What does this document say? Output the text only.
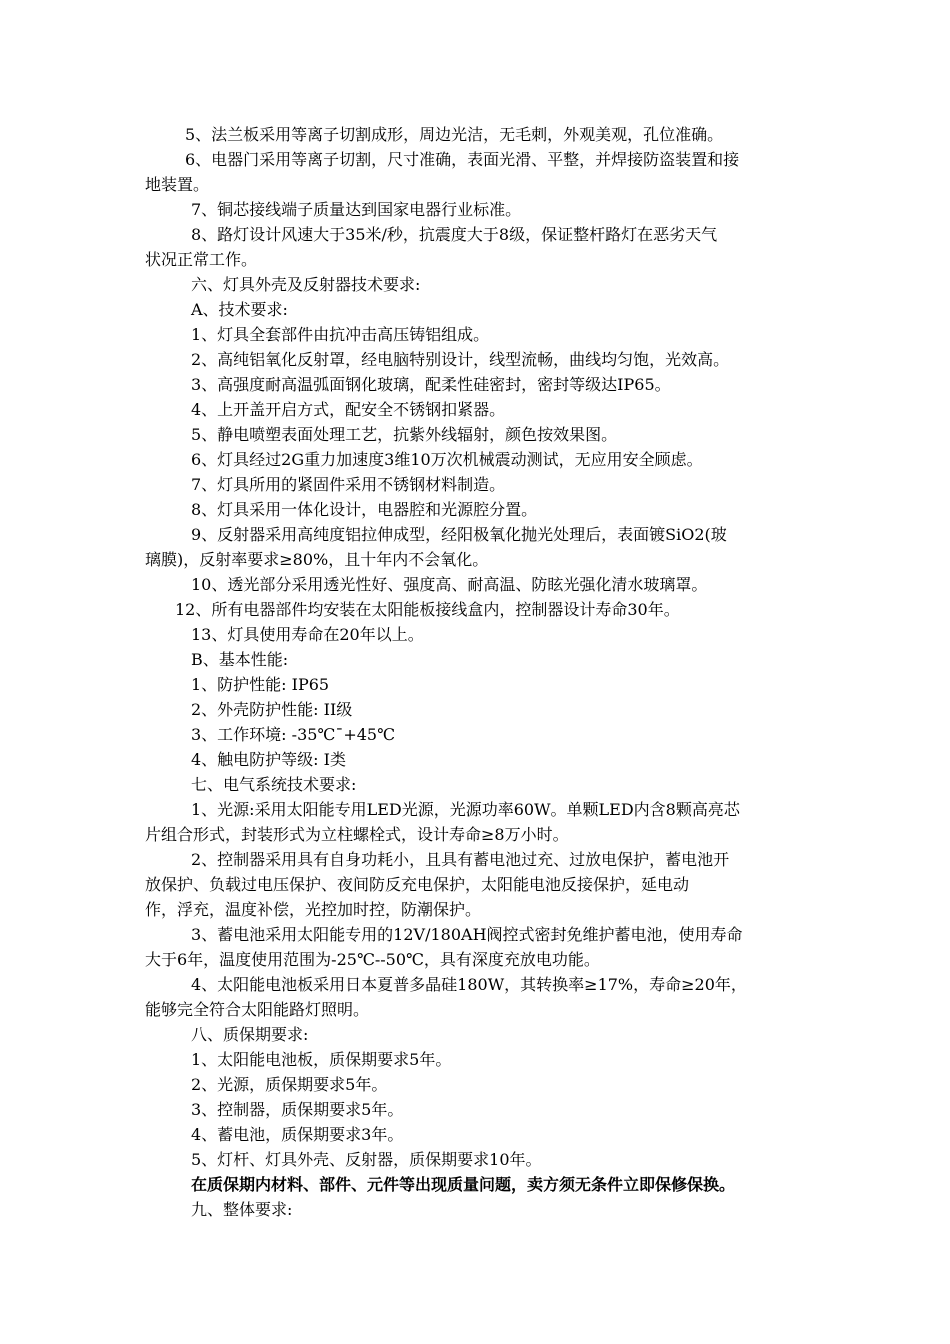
5、法兰板采用等离子切割成形，周边光洁，无毛刺，外观美观，孔位准确。
6、电器门采用等离子切割，尺寸准确，表面光滑、平整，并焊接防盗装置和接
地装置。
7、铜芯接线端子质量达到国家电器行业标准。
8、路灯设计风速大于35米/秒，抗震度大于8级，保证整杆路灯在恶劣天气
状况正常工作。
六、灯具外壳及反射器技术要求:
A、技术要求:
1、灯具全套部件由抗冲击高压铸铝组成。
2、高纯铝氧化反射罩，经电脑特别设计，线型流畅，曲线均匀饱，光效高。
3、高强度耐高温弧面钢化玻璃，配柔性硅密封，密封等级达IP65。
4、上开盖开启方式，配安全不锈钢扣紧器。
5、静电喷塑表面处理工艺，抗紫外线辐射，颜色按效果图。
6、灯具经过2G重力加速度3维10万次机械震动测试，无应用安全顾虑。
7、灯具所用的紧固件采用不锈钢材料制造。
8、灯具采用一体化设计，电器腔和光源腔分置。
9、反射器采用高纯度铝拉伸成型，经阳极氧化抛光处理后，表面镀SiO2(玻
璃膜)，反射率要求≥80%，且十年内不会氧化。
10、透光部分采用透光性好、强度高、耐高温、防眩光强化清水玻璃罩。
12、所有电器部件均安装在太阳能板接线盒内，控制器设计寿命30年。
13、灯具使用寿命在20年以上。
B、基本性能:
1、防护性能: IP65
2、外壳防护性能: II级
3、工作环境: -35℃¯+45℃
4、触电防护等级: I类
七、电气系统技术要求:
1、光源:采用太阳能专用LED光源，光源功率60W。单颗LED内含8颗高亮芯
片组合形式，封装形式为立柱螺栓式，设计寿命≥8万小时。
2、控制器采用具有自身功耗小，且具有蓄电池过充、过放电保护，蓄电池开
放保护、负载过电压保护、夜间防反充电保护，太阳能电池反接保护，延电动
作，浮充，温度补偿，光控加时控，防潮保护。
3、蓄电池采用太阳能专用的12V/180AH阀控式密封免维护蓄电池，使用寿命
大于6年，温度使用范围为-25℃--50℃，具有深度充放电功能。
4、太阳能电池板采用日本夏普多晶硅180W，其转换率≥17%，寿命≥20年，
能够完全符合太阳能路灯照明。
八、质保期要求:
1、太阳能电池板，质保期要求5年。
2、光源，质保期要求5年。
3、控制器，质保期要求5年。
4、蓄电池，质保期要求3年。
5、灯杆、灯具外壳、反射器，质保期要求10年。
在质保期内材料、部件、元件等出现质量问题，卖方须无条件立即保修保换。
九、整体要求:
